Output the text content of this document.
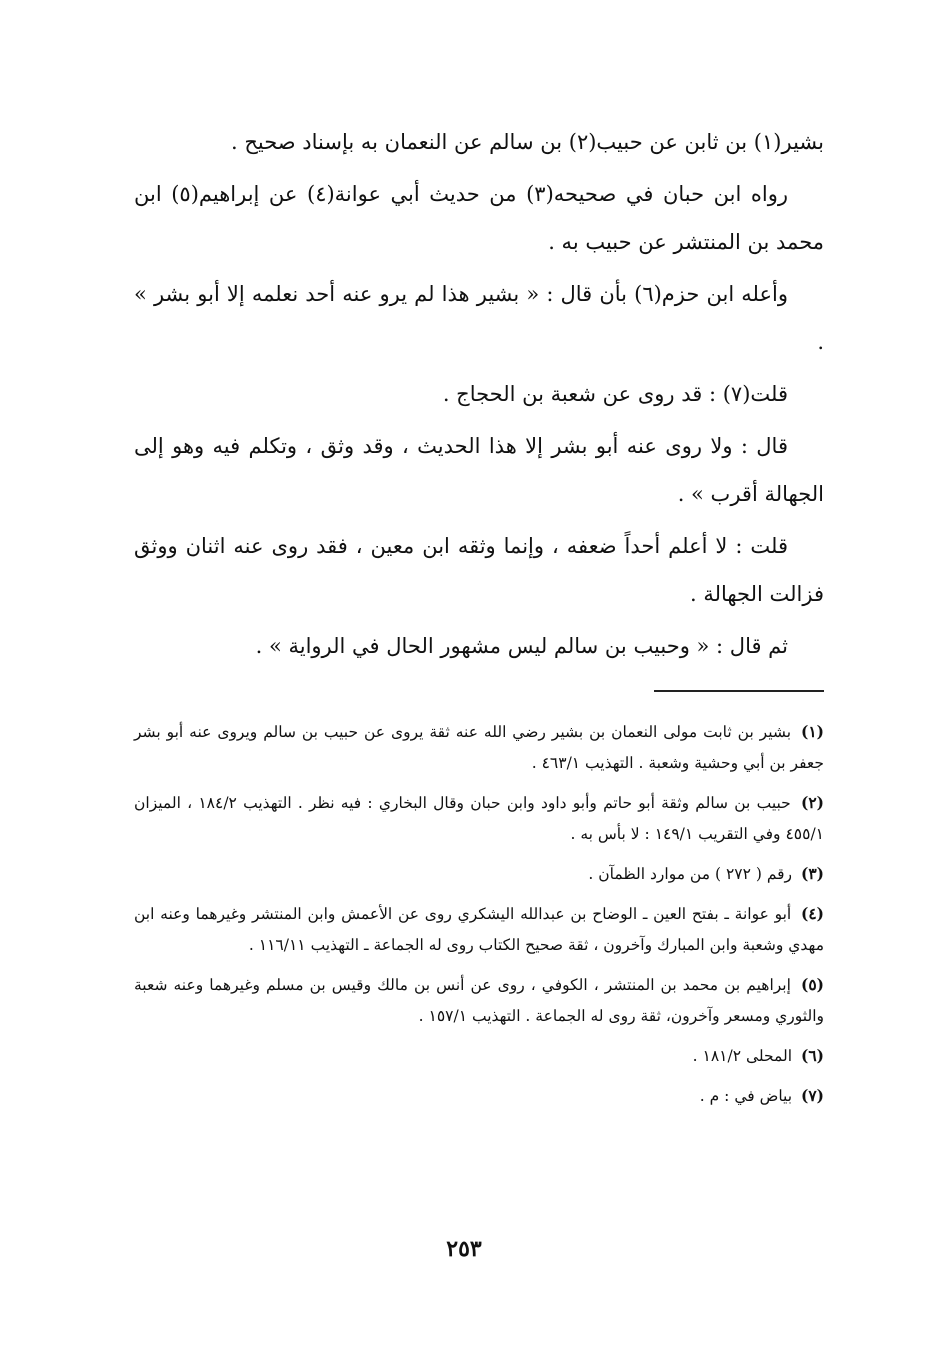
بشير(١) بن ثابن عن حبيب(٢) بن سالم عن النعمان به بإسناد صحيح .

رواه ابن حبان في صحيحه(٣) من حديث أبي عوانة(٤) عن إبراهيم(٥) ابن محمد بن المنتشر عن حبيب به .

وأعله ابن حزم(٦) بأن قال : « بشير هذا لم يرو عنه أحد نعلمه إلا أبو بشر » .

قلت(٧) : قد روى عن شعبة بن الحجاج .

قال : ولا روى عنه أبو بشر إلا هذا الحديث ، وقد وثق ، وتكلم فيه وهو إلى الجهالة أقرب » .

قلت : لا أعلم أحداً ضعفه ، وإنما وثقه ابن معين ، فقد روى عنه اثنان ووثق فزالت الجهالة .

ثم قال : « وحبيب بن سالم ليس مشهور الحال في الرواية » .

(١) بشير بن ثابت مولى النعمان بن بشير رضي الله عنه ثقة يروى عن حبيب بن سالم ويروى عنه أبو بشر جعفر بن أبي وحشية وشعبة . التهذيب ٤٦٣/١ .

(٢) حبيب بن سالم وثقة أبو حاتم وأبو داود وابن حبان وقال البخاري : فيه نظر . التهذيب ١٨٤/٢ ، الميزان ٤٥٥/١ وفي التقريب ١٤٩/١ : لا بأس به .

(٣) رقم ( ٢٧٢ ) من موارد الظمآن .

(٤) أبو عوانة ـ بفتح العين ـ الوضاح بن عبدالله اليشكري روى عن الأعمش وابن المنتشر وغيرهما وعنه ابن مهدي وشعبة وابن المبارك وآخرون ، ثقة صحيح الكتاب روى له الجماعة ـ التهذيب ١١٦/١١ .

(٥) إبراهيم بن محمد بن المنتشر ، الكوفي ، روى عن أنس بن مالك وقيس بن مسلم وغيرهما وعنه شعبة والثوري ومسعر وآخرون، ثقة روى له الجماعة . التهذيب ١٥٧/١ .

(٦) المحلى ١٨١/٢ .

(٧) بياض في : م .

٢٥٣
